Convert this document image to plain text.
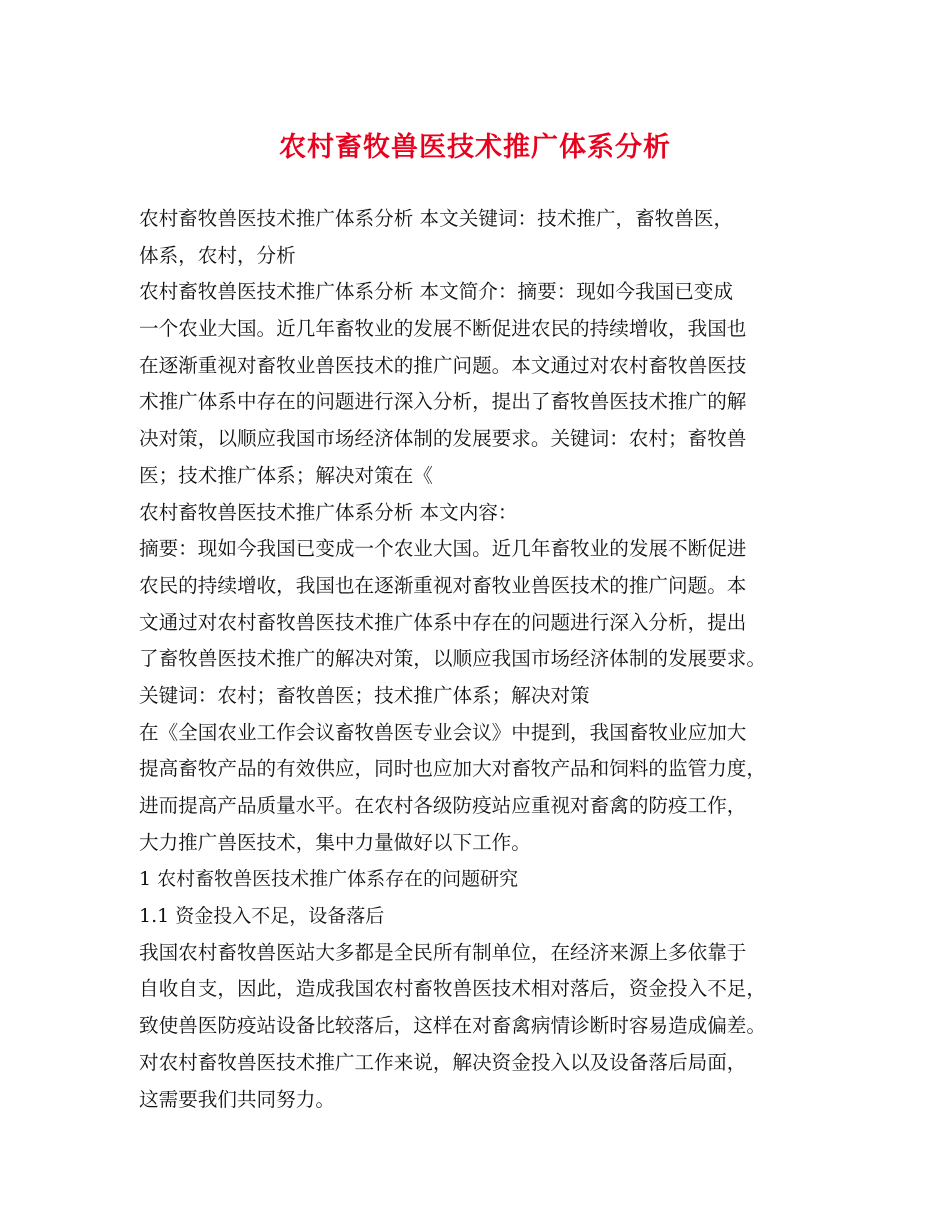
农村畜牧兽医技术推广体系分析
农村畜牧兽医技术推广体系分析 本文关键词：技术推广，畜牧兽医，
体系，农村，分析
农村畜牧兽医技术推广体系分析 本文简介：摘要：现如今我国已变成
一个农业大国。近几年畜牧业的发展不断促进农民的持续增收，我国也
在逐渐重视对畜牧业兽医技术的推广问题。本文通过对农村畜牧兽医技
术推广体系中存在的问题进行深入分析，提出了畜牧兽医技术推广的解
决对策，以顺应我国市场经济体制的发展要求。关键词：农村；畜牧兽
医；技术推广体系；解决对策在《
农村畜牧兽医技术推广体系分析 本文内容：
摘要：现如今我国已变成一个农业大国。近几年畜牧业的发展不断促进
农民的持续增收，我国也在逐渐重视对畜牧业兽医技术的推广问题。本
文通过对农村畜牧兽医技术推广体系中存在的问题进行深入分析，提出
了畜牧兽医技术推广的解决对策，以顺应我国市场经济体制的发展要求。
关键词：农村；畜牧兽医；技术推广体系；解决对策
在《全国农业工作会议畜牧兽医专业会议》中提到，我国畜牧业应加大
提高畜牧产品的有效供应，同时也应加大对畜牧产品和饲料的监管力度，
进而提高产品质量水平。在农村各级防疫站应重视对畜禽的防疫工作，
大力推广兽医技术，集中力量做好以下工作。
1 农村畜牧兽医技术推广体系存在的问题研究
1.1 资金投入不足，设备落后
我国农村畜牧兽医站大多都是全民所有制单位，在经济来源上多依靠于
自收自支，因此，造成我国农村畜牧兽医技术相对落后，资金投入不足，
致使兽医防疫站设备比较落后，这样在对畜禽病情诊断时容易造成偏差。
对农村畜牧兽医技术推广工作来说，解决资金投入以及设备落后局面，
这需要我们共同努力。
